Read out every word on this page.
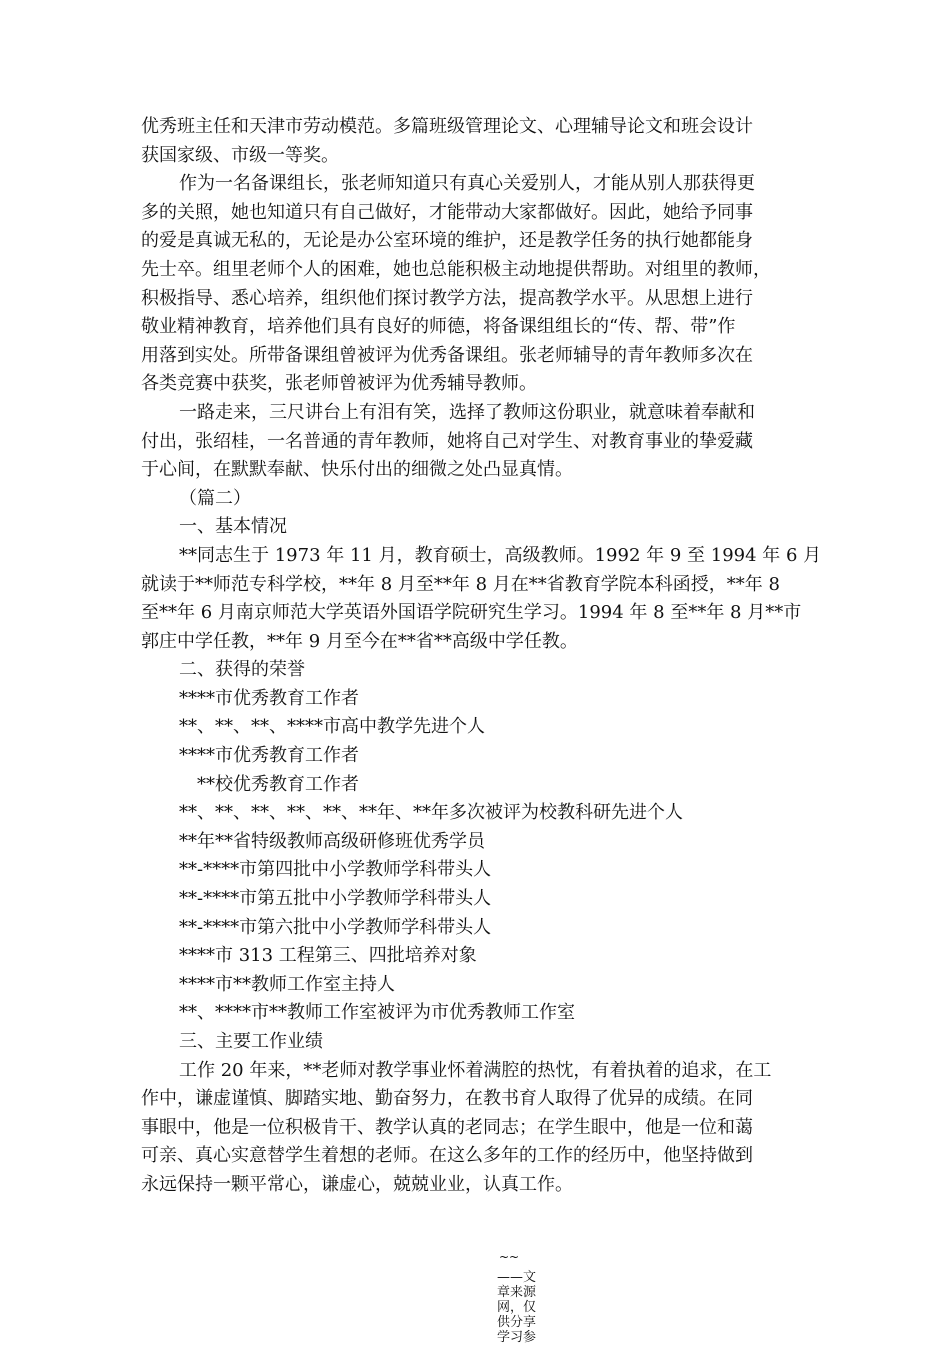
优秀班主任和天津市劳动模范。多篇班级管理论文、心理辅导论文和班会设计

获国家级、市级一等奖。

作为一名备课组长，张老师知道只有真心关爱别人，才能从别人那获得更

多的关照，她也知道只有自己做好，才能带动大家都做好。因此，她给予同事

的爱是真诚无私的，无论是办公室环境的维护，还是教学任务的执行她都能身

先士卒。组里老师个人的困难，她也总能积极主动地提供帮助。对组里的教师，

积极指导、悉心培养，组织他们探讨教学方法，提高教学水平。从思想上进行

敬业精神教育，培养他们具有良好的师德，将备课组组长的“传、帮、带”作

用落到实处。所带备课组曾被评为优秀备课组。张老师辅导的青年教师多次在

各类竞赛中获奖，张老师曾被评为优秀辅导教师。

一路走来，三尺讲台上有泪有笑，选择了教师这份职业，就意味着奉献和

付出，张绍桂，一名普通的青年教师，她将自己对学生、对教育事业的挚爱藏

于心间，在默默奉献、快乐付出的细微之处凸显真情。

（篇二）

一、基本情况

**同志生于 1973 年 11 月，教育硕士，高级教师。1992 年 9 至 1994 年 6 月

就读于**师范专科学校，**年 8 月至**年 8 月在**省教育学院本科函授，**年 8

至**年 6 月南京师范大学英语外国语学院研究生学习。1994 年 8 至**年 8 月**市

郭庄中学任教，**年 9 月至今在**省**高级中学任教。

二、获得的荣誉

****市优秀教育工作者

**、**、**、****市高中教学先进个人

****市优秀教育工作者

**校优秀教育工作者

**、**、**、**、**、**年、**年多次被评为校教科研先进个人

**年**省特级教师高级研修班优秀学员

**-****市第四批中小学教师学科带头人

**-****市第五批中小学教师学科带头人

**-****市第六批中小学教师学科带头人

****市 313 工程第三、四批培养对象

****市**教师工作室主持人

**、****市**教师工作室被评为市优秀教师工作室

三、主要工作业绩

工作 20 年来，**老师对教学事业怀着满腔的热忱，有着执着的追求，在工

作中，谦虚谨慎、脚踏实地、勤奋努力，在教书育人取得了优异的成绩。在同

事眼中，他是一位积极肯干、教学认真的老同志；在学生眼中，他是一位和蔼

可亲、真心实意替学生着想的老师。在这么多年的工作的经历中，他坚持做到

永远保持一颗平常心，谦虚心，兢兢业业，认真工作。

~~

——文章来源网，仅供分享学习参
